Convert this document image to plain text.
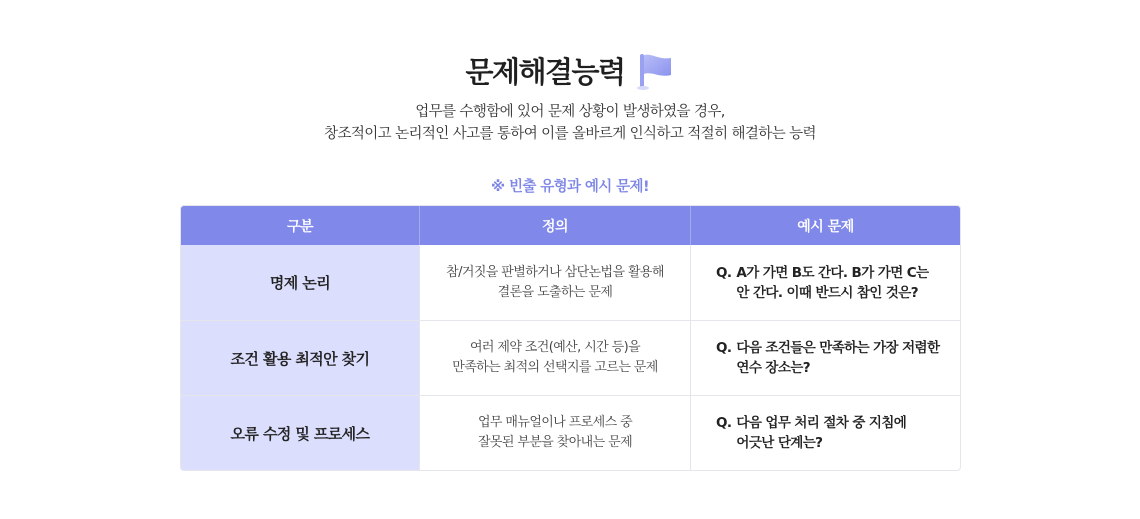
문제해결능력
업무를 수행함에 있어 문제 상황이 발생하였을 경우,
창조적이고 논리적인 사고를 통하여 이를 올바르게 인식하고 적절히 해결하는 능력
※ 빈출 유형과 예시 문제!
구분	정의	예시 문제
명제 논리
참/거짓을 판별하거나 삼단논법을 활용해
결론을 도출하는 문제
Q. A가 가면 B도 간다. B가 가면 C는
안 간다. 이때 반드시 참인 것은?
조건 활용 최적안 찾기
여러 제약 조건(예산, 시간 등)을
만족하는 최적의 선택지를 고르는 문제
Q. 다음 조건들은 만족하는 가장 저렴한
연수 장소는?
오류 수정 및 프로세스
업무 매뉴얼이나 프로세스 중
잘못된 부분을 찾아내는 문제
Q. 다음 업무 처리 절차 중 지침에
어긋난 단계는?
